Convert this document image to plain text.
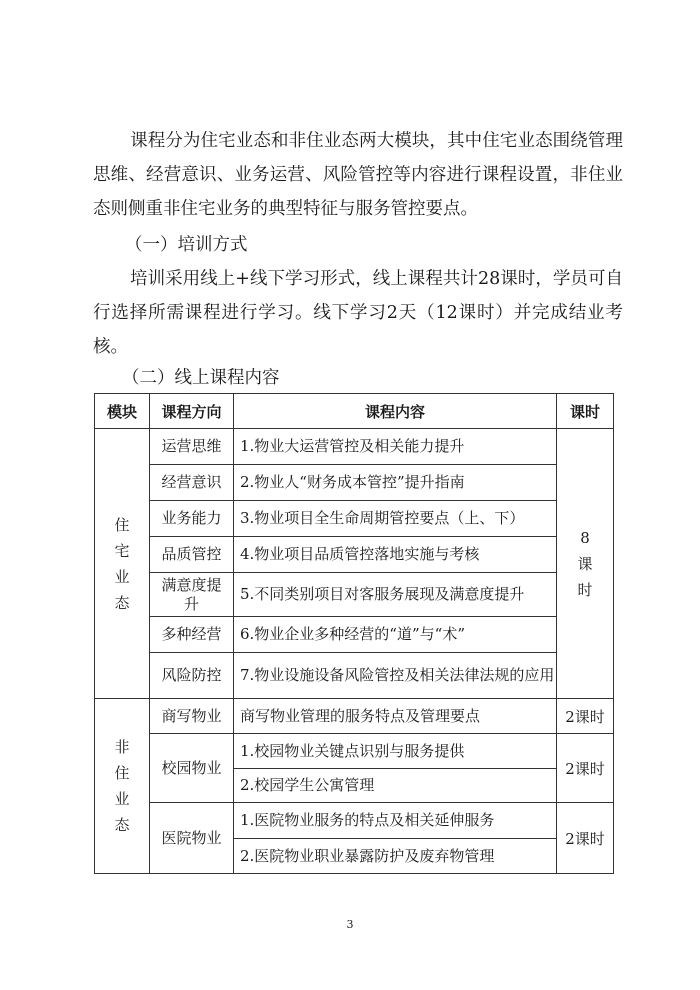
课程分为住宅业态和非住业态两大模块，其中住宅业态围绕管理思维、经营意识、业务运营、风险管控等内容进行课程设置，非住业态则侧重非住宅业务的典型特征与服务管控要点。

（一）培训方式

培训采用线上+线下学习形式，线上课程共计28课时，学员可自行选择所需课程进行学习。线下学习2天（12课时）并完成结业考核。

（二）线上课程内容

模块	课程方向	课程内容	课时
住宅业态	运营思维	1.物业大运营管控及相关能力提升	8课时
	经营意识	2.物业人“财务成本管控”提升指南	
	业务能力	3.物业项目全生命周期管控要点（上、下）	
	品质管控	4.物业项目品质管控落地实施与考核	
	满意度提升	5.不同类别项目对客服务展现及满意度提升	
	多种经营	6.物业企业多种经营的“道”与“术”	
	风险防控	7.物业设施设备风险管控及相关法律法规的应用	
非住业态	商写物业	商写物业管理的服务特点及管理要点	2课时
	校园物业	1.校园物业关键点识别与服务提供	2课时
		2.校园学生公寓管理	
	医院物业	1.医院物业服务的特点及相关延伸服务	2课时
		2.医院物业职业暴露防护及废弃物管理	
3
